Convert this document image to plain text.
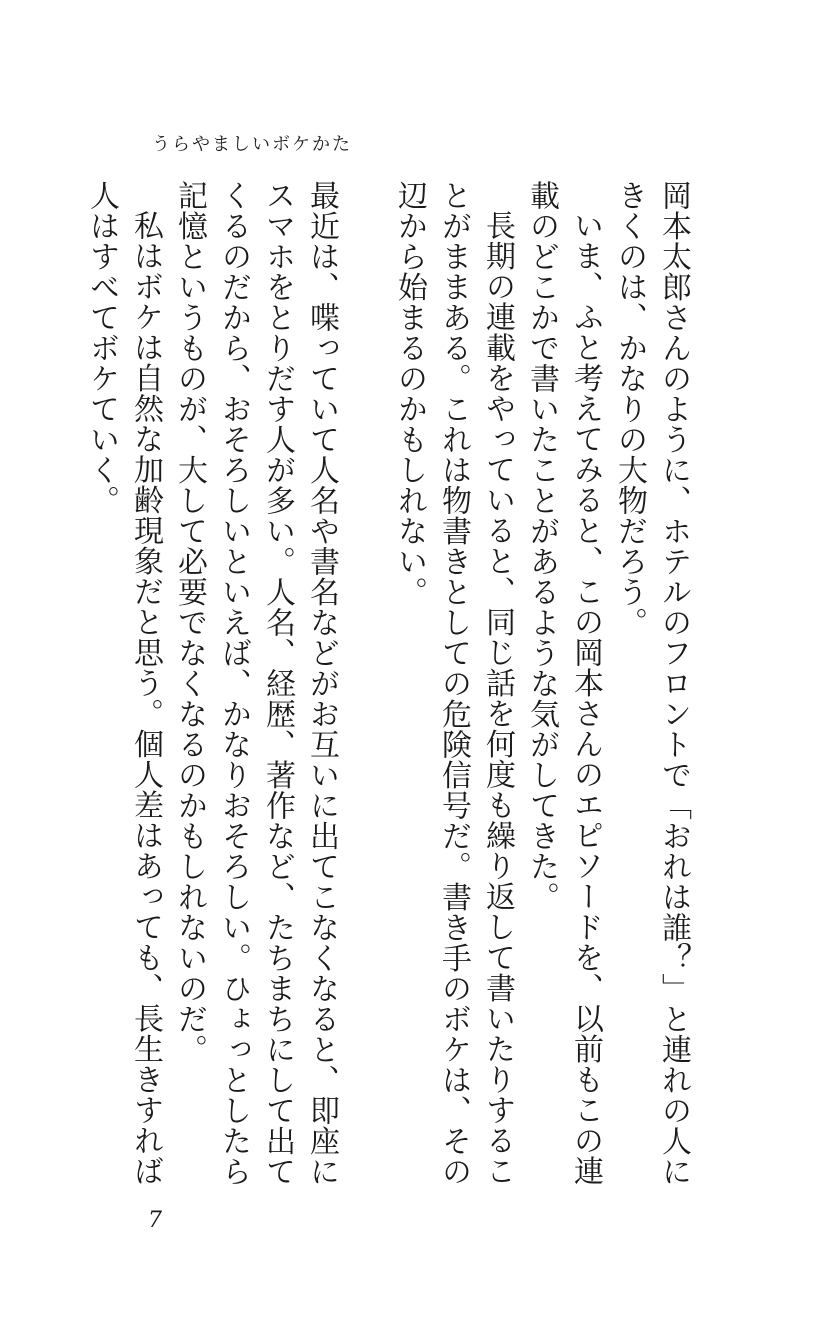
うらやましいボケかた

岡本太郎さんのように、ホテルのフロントで「おれは誰？」と連れの人にきくのは、かなりの大物だろう。

いま、ふと考えてみると、この岡本さんのエピソードを、以前もこの連載のどこかで書いたことがあるような気がしてきた。

長期の連載をやっていると、同じ話を何度も繰り返して書いたりすることがままある。これは物書きとしての危険信号だ。書き手のボケは、その辺から始まるのかもしれない。

最近は、喋っていて人名や書名などがお互いに出てこなくなると、即座にスマホをとりだす人が多い。人名、経歴、著作など、たちまちにして出てくるのだから、おそろしいといえば、かなりおそろしい。ひょっとしたら記憶というものが、大して必要でなくなるのかもしれないのだ。

私はボケは自然な加齢現象だと思う。個人差はあっても、長生きすれば人はすべてボケていく。

7
